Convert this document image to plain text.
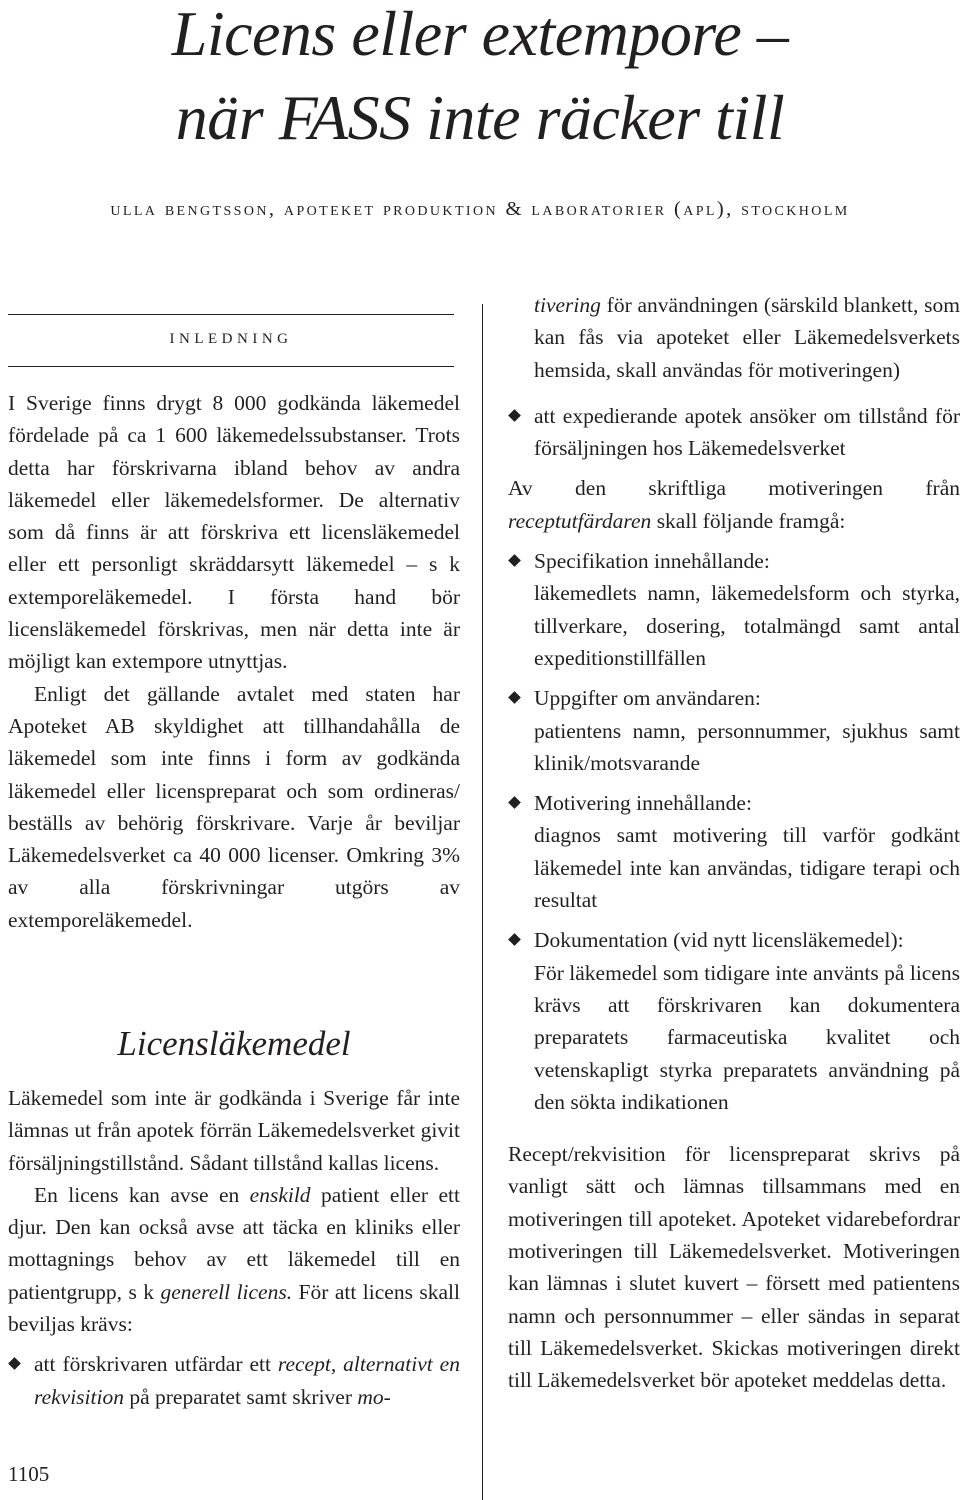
Licens eller extempore –
när FASS inte räcker till
ulla bengtsson, apoteket produktion & laboratorier (apl), stockholm
inledning

I Sverige finns drygt 8 000 godkända läkemedel fördelade på ca 1 600 läkemedelssubstanser. Trots detta har förskrivarna ibland behov av andra läkemedel eller läkemedelsformer. De alternativ som då finns är att förskriva ett licensläkemedel eller ett personligt skräddarsytt läkemedel – s k extemporeläkemedel. I första hand bör licensläkemedel förskrivas, men när detta inte är möjligt kan extempore utnyttjas.

Enligt det gällande avtalet med staten har Apoteket AB skyldighet att tillhandahålla de läkemedel som inte finns i form av godkända läkemedel eller licenspreparat och som ordineras/ beställs av behörig förskrivare. Varje år beviljar Läkemedelsverket ca 40 000 licenser. Omkring 3% av alla förskrivningar utgörs av extemporeläkemedel.

Licensläkemedel

Läkemedel som inte är godkända i Sverige får inte lämnas ut från apotek förrän Läkemedelsverket givit försäljningstillstånd. Sådant tillstånd kallas licens.

En licens kan avse en enskild patient eller ett djur. Den kan också avse att täcka en kliniks eller mottagnings behov av ett läkemedel till en patientgrupp, s k generell licens. För att licens skall beviljas krävs:

att förskrivaren utfärdar ett recept, alternativt en rekvisition på preparatet samt skriver mo-
tivering för användningen (särskild blankett, som kan fås via apoteket eller Läkemedelsverkets hemsida, skall användas för motiveringen)
att expedierande apotek ansöker om tillstånd för försäljningen hos Läkemedelsverket

Av den skriftliga motiveringen från receptutfärdaren skall följande framgå:

Specifikation innehållande:
läkemedlets namn, läkemedelsform och styrka, tillverkare, dosering, totalmängd samt antal expeditionstillfällen
Uppgifter om användaren:
patientens namn, personnummer, sjukhus samt klinik/motsvarande
Motivering innehållande:
diagnos samt motivering till varför godkänt läkemedel inte kan användas, tidigare terapi och resultat
Dokumentation (vid nytt licensläkemedel):
För läkemedel som tidigare inte använts på licens krävs att förskrivaren kan dokumentera preparatets farmaceutiska kvalitet och vetenskapligt styrka preparatets användning på den sökta indikationen

Recept/rekvisition för licenspreparat skrivs på vanligt sätt och lämnas tillsammans med en motiveringen till apoteket. Apoteket vidarebefordrar motiveringen till Läkemedelsverket. Motiveringen kan lämnas i slutet kuvert – försett med patientens namn och personnummer – eller sändas in separat till Läkemedelsverket. Skickas motiveringen direkt till Läkemedelsverket bör apoteket meddelas detta.

1105
